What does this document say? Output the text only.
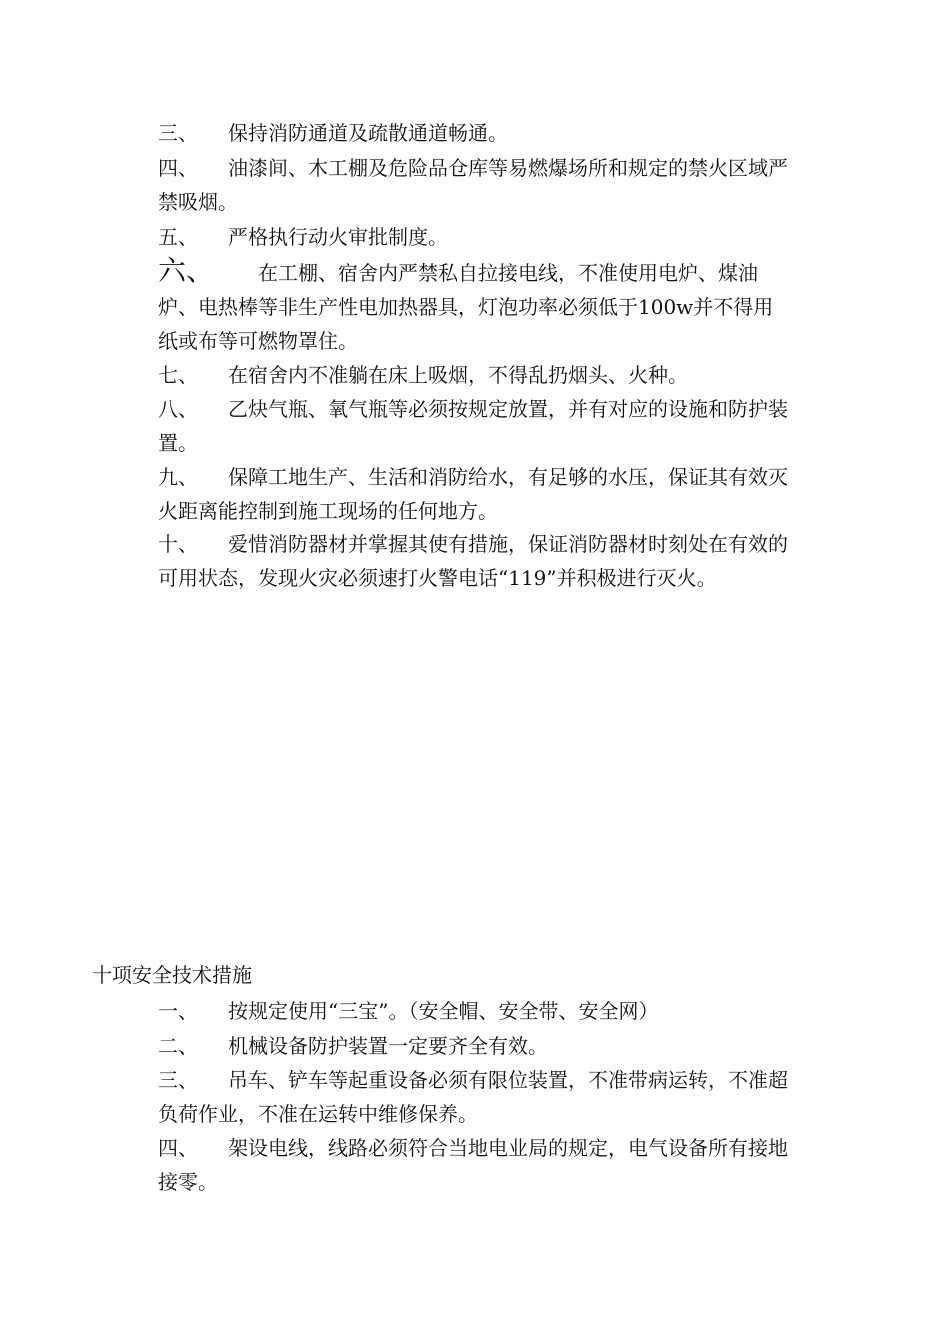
三、 保持消防通道及疏散通道畅通。

四、 油漆间、木工棚及危险品仓库等易燃爆场所和规定的禁火区域严禁吸烟。

五、 严格执行动火审批制度。

六、 在工棚、宿舍内严禁私自拉接电线，不准使用电炉、煤油炉、电热棒等非生产性电加热器具，灯泡功率必须低于100w并不得用纸或布等可燃物罩住。

七、 在宿舍内不准躺在床上吸烟，不得乱扔烟头、火种。

八、 乙炔气瓶、氧气瓶等必须按规定放置，并有对应的设施和防护装置。

九、 保障工地生产、生活和消防给水，有足够的水压，保证其有效灭火距离能控制到施工现场的任何地方。

十、 爱惜消防器材并掌握其使有措施，保证消防器材时刻处在有效的可用状态，发现火灾必须速打火警电话“119”并积极进行灭火。

十项安全技术措施

一、 按规定使用“三宝”。（安全帽、安全带、安全网）

二、 机械设备防护装置一定要齐全有效。

三、 吊车、铲车等起重设备必须有限位装置，不准带病运转，不准超负荷作业，不准在运转中维修保养。

四、 架设电线，线路必须符合当地电业局的规定，电气设备所有接地接零。
